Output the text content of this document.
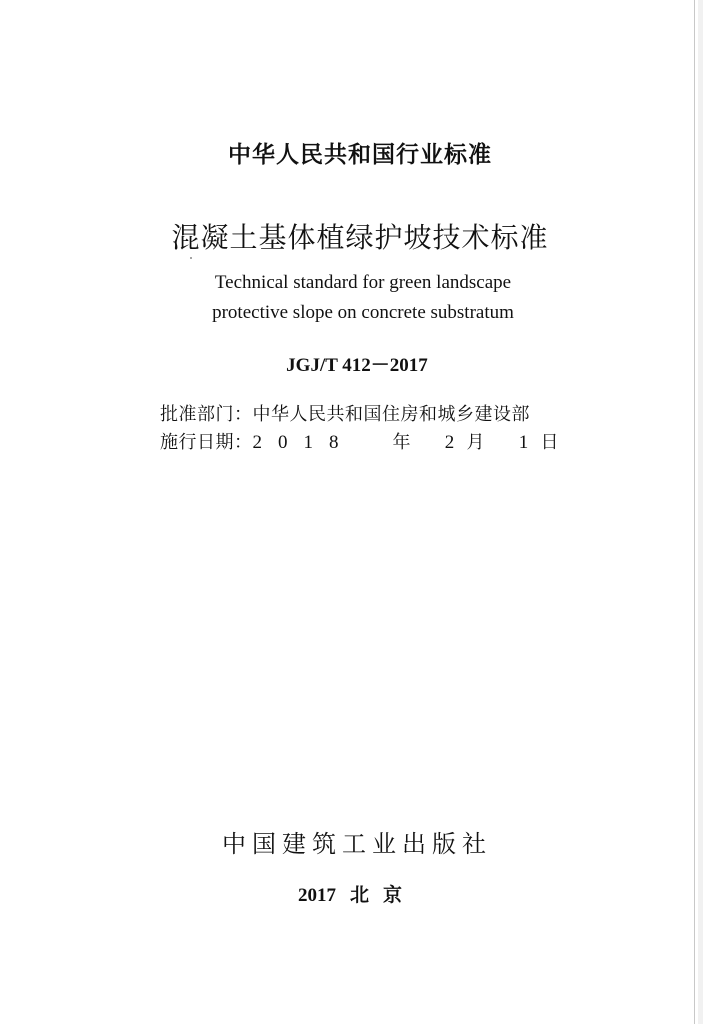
中华人民共和国行业标准
混凝土基体植绿护坡技术标准
Technical standard for green landscape
protective slope on concrete substratum
JGJ/T 412－2017
批准部门：中华人民共和国住房和城乡建设部
施行日期：2018 年 2 月 1 日
中国建筑工业出版社
2017 北京
